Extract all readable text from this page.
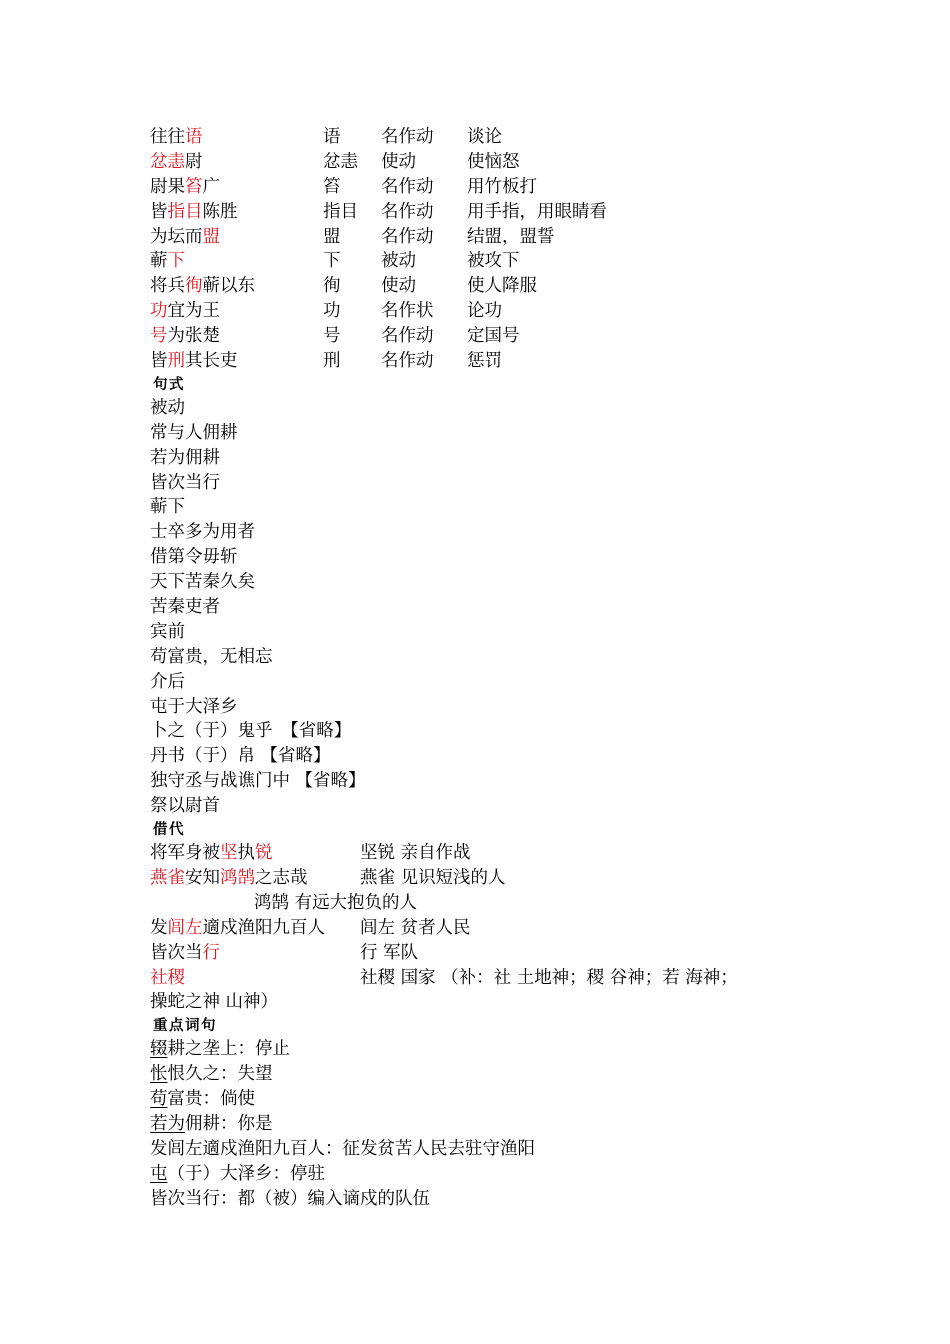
往往语	语 名作动 谈论
忿恚尉	忿恚 使动	使恼怒
尉果笞广	笞 名作动 用竹板打
皆指目陈胜	指目 名作动 用手指，用眼睛看
为坛而盟	盟 名作动 结盟，盟誓
蕲下	下 被动	被攻下
将兵徇蕲以东	徇 使动	使人降服
功宜为王	功 名作状 论功
号为张楚	号 名作动 定国号
皆刑其长吏	刑 名作动 惩罚
句式
被动
常与人佣耕
若为佣耕
皆次当行
蕲下
士卒多为用者
借第令毋斩
天下苦秦久矣
苦秦吏者
宾前
苟富贵，无相忘
介后
屯于大泽乡
卜之（于）鬼乎　【省略】
丹书（于）帛 【省略】
独守丞与战谯门中 【省略】
祭以尉首
借代
将军身被坚执锐	坚锐 亲自作战
燕雀安知鸿鹄之志哉	燕雀 见识短浅的人
鸿鹄 有远大抱负的人
发闾左適戍渔阳九百人 闾左 贫者人民
皆次当行	行 军队
社稷	社稷 国家 （补：社 土地神；稷 谷神；若 海神；
操蛇之神 山神）
重点词句
辍耕之垄上：停止
怅恨久之：失望
苟富贵：倘使
若为佣耕：你是
发闾左適戍渔阳九百人：征发贫苦人民去驻守渔阳
屯（于）大泽乡：停驻
皆次当行：都（被）编入谪戍的队伍
